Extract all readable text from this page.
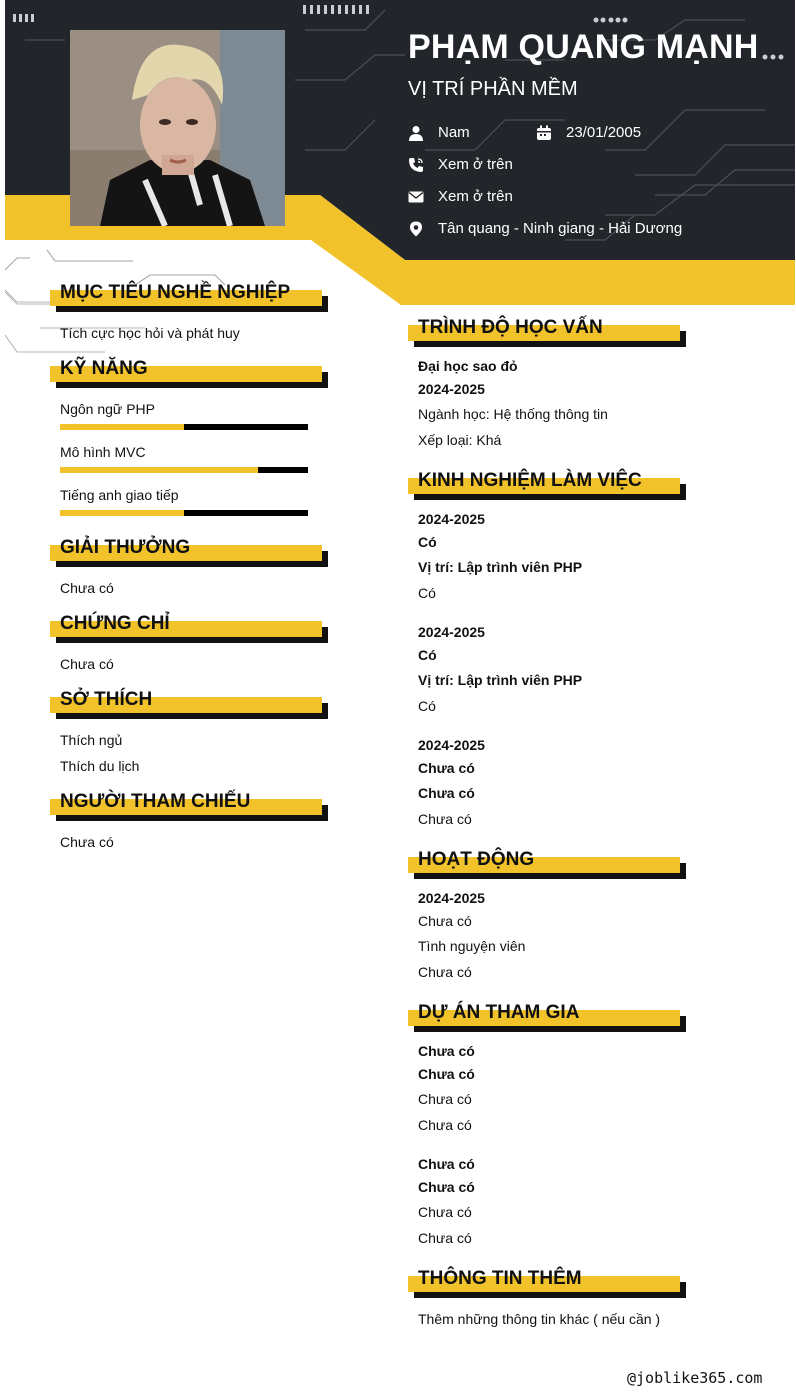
PHẠM QUANG MẠNH
VỊ TRÍ PHẦN MỀM
Nam	23/01/2005
Xem ở trên
Xem ở trên
Tân quang - Ninh giang - Hải Dương
MỤC TIÊU NGHỀ NGHIỆP
Tích cực học hỏi và phát huy
KỸ NĂNG
Ngôn ngữ PHP
Mô hình MVC
Tiếng anh giao tiếp
GIẢI THƯỞNG
Chưa có
CHỨNG CHỈ
Chưa có
SỞ THÍCH
Thích ngủ
Thích du lịch
NGƯỜI THAM CHIẾU
Chưa có
TRÌNH ĐỘ HỌC VẤN
Đại học sao đỏ
2024-2025
Ngành học: Hệ thống thông tin
Xếp loại: Khá
KINH NGHIỆM LÀM VIỆC
2024-2025
Có
Vị trí: Lập trình viên PHP
Có
2024-2025
Có
Vị trí: Lập trình viên PHP
Có
2024-2025
Chưa có
Chưa có
Chưa có
HOẠT ĐỘNG
2024-2025
Chưa có
Tình nguyện viên
Chưa có
DỰ ÁN THAM GIA
Chưa có
Chưa có
Chưa có
Chưa có
Chưa có
Chưa có
Chưa có
Chưa có
THÔNG TIN THÊM
Thêm những thông tin khác ( nếu cần )
@joblike365.com
